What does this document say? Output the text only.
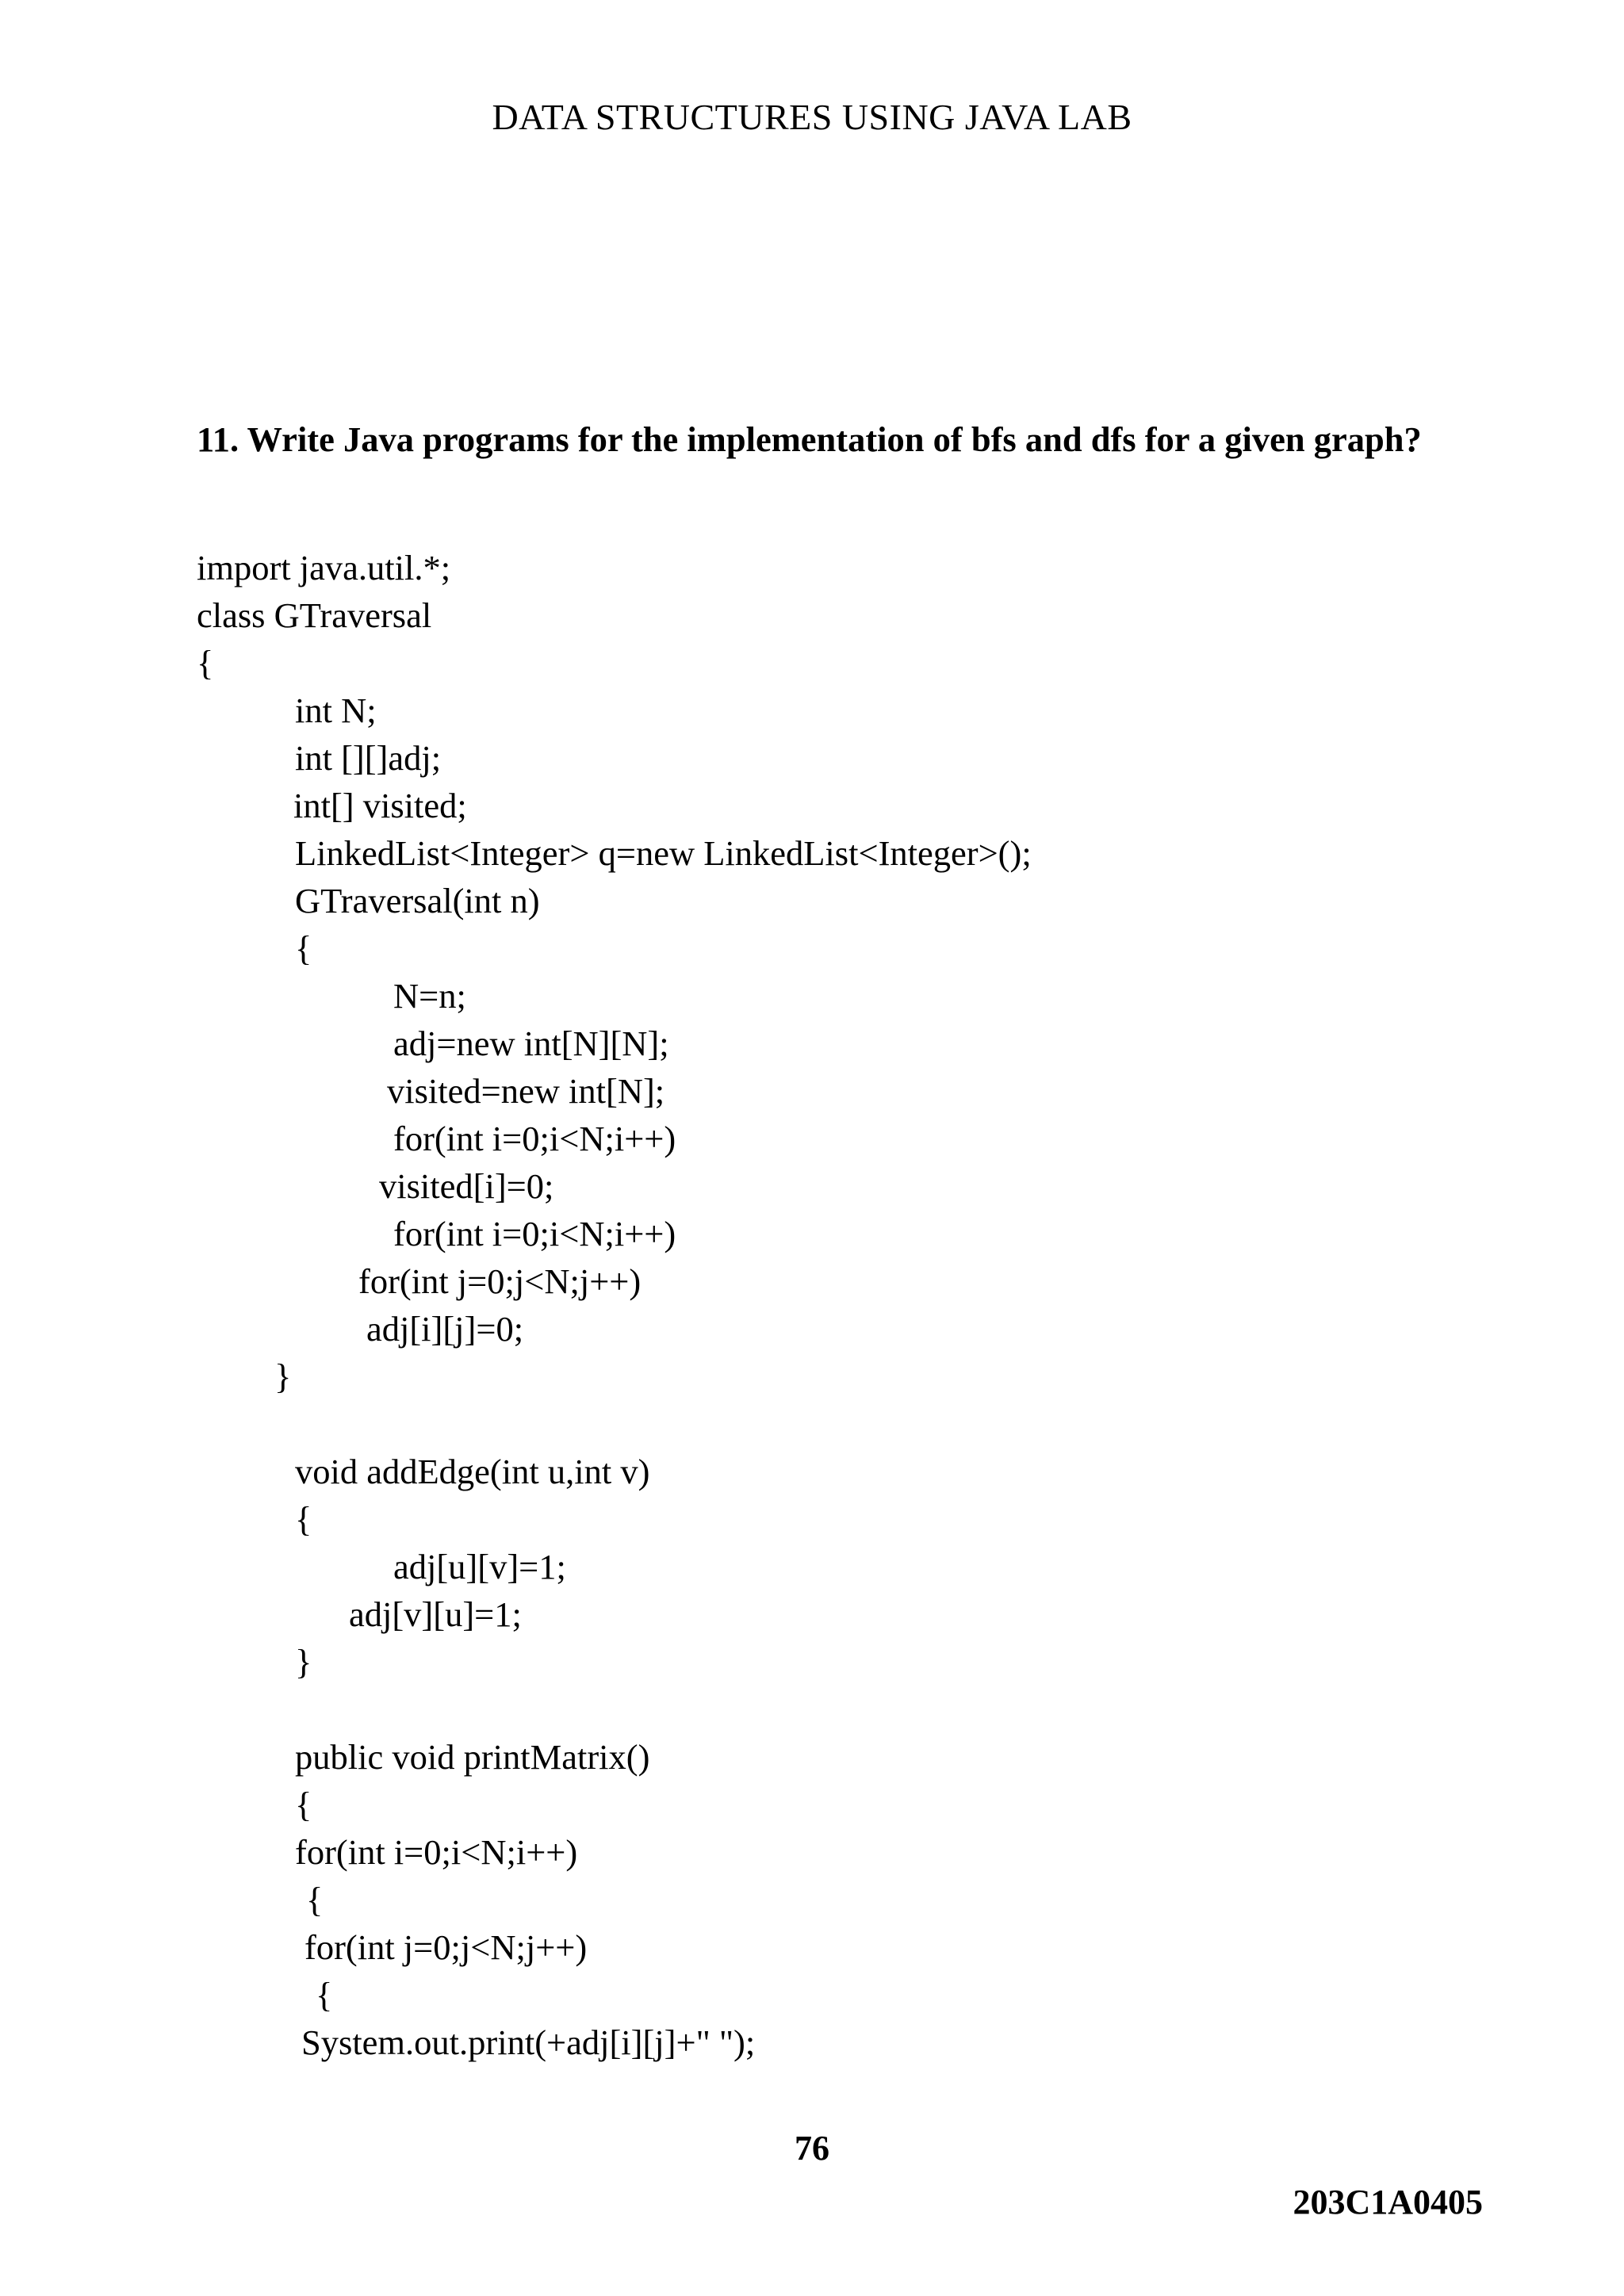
DATA STRUCTURES USING JAVA LAB
11. Write Java programs for the implementation of bfs and dfs for a given graph?
import java.util.*;
class GTraversal
{
int N;
int [][]adj;
int[] visited;
LinkedList<Integer> q=new LinkedList<Integer>();
GTraversal(int n)
{
N=n;
adj=new int[N][N];
visited=new int[N];
for(int i=0;i<N;i++)
visited[i]=0;
for(int i=0;i<N;i++)
for(int j=0;j<N;j++)
adj[i][j]=0;
}
void addEdge(int u,int v)
{
adj[u][v]=1;
adj[v][u]=1;
}
public void printMatrix()
{
for(int i=0;i<N;i++)
{
for(int j=0;j<N;j++)
{
System.out.print(+adj[i][j]+" ");
76
203C1A0405
